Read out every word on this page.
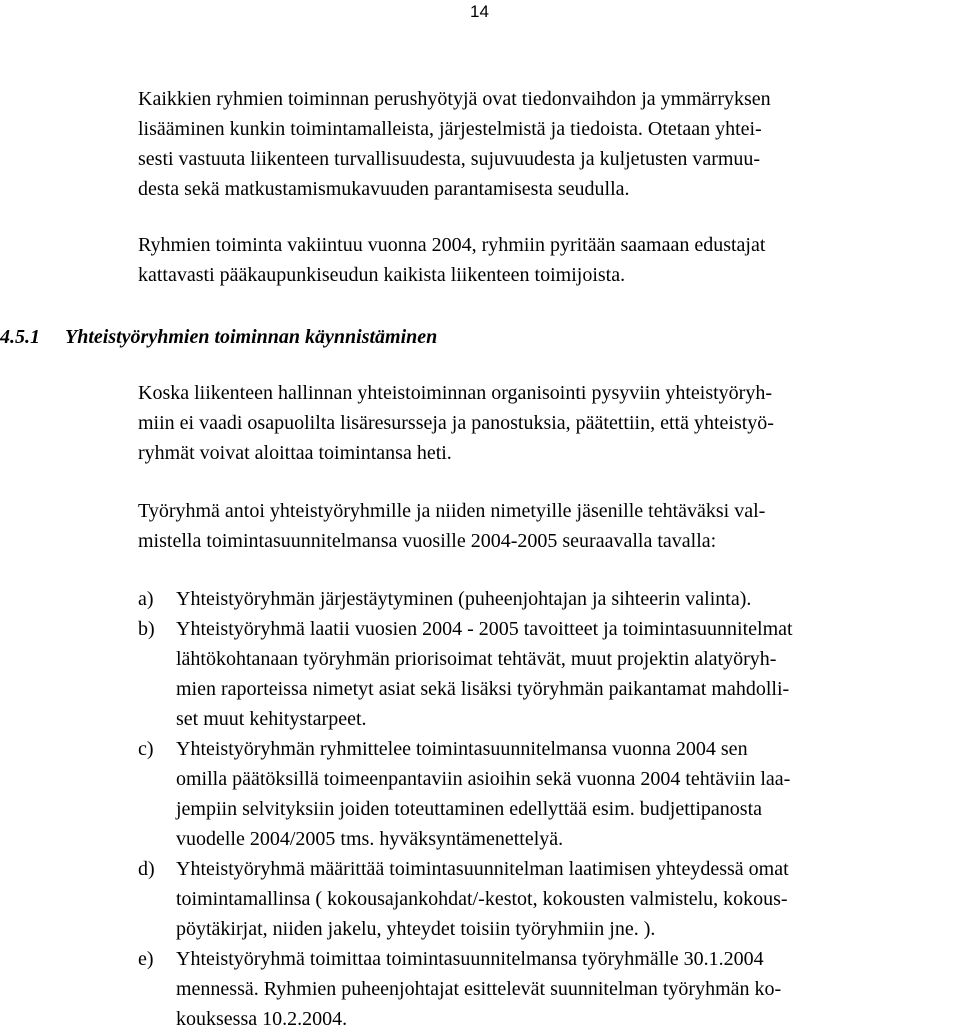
14

Kaikkien ryhmien toiminnan perushyötyjä ovat tiedonvaihdon ja ymmärryksen
lisääminen kunkin toimintamalleista, järjestelmistä ja tiedoista. Otetaan yhtei-
sesti vastuuta liikenteen turvallisuudesta, sujuvuudesta ja kuljetusten varmuu-
desta sekä matkustamismukavuuden parantamisesta seudulla.

Ryhmien toiminta vakiintuu vuonna 2004, ryhmiin pyritään saamaan edustajat
kattavasti pääkaupunkiseudun kaikista liikenteen toimijoista.

4.5.1 Yhteistyöryhmien toiminnan käynnistäminen

Koska liikenteen hallinnan yhteistoiminnan organisointi pysyviin yhteistyöryh-
miin ei vaadi osapuolilta lisäresursseja ja panostuksia, päätettiin, että yhteistyö-
ryhmät voivat aloittaa toimintansa heti.

Työryhmä antoi yhteistyöryhmille ja niiden nimetyille jäsenille tehtäväksi val-
mistella toimintasuunnitelmansa vuosille 2004-2005 seuraavalla tavalla:

a) Yhteistyöryhmän järjestäytyminen (puheenjohtajan ja sihteerin valinta).
b) Yhteistyöryhmä laatii vuosien 2004 - 2005 tavoitteet ja toimintasuunnitelmat
lähtökohtanaan työryhmän priorisoimat tehtävät, muut projektin alatyöryh-
mien raporteissa nimetyt asiat sekä lisäksi työryhmän paikantamat mahdolli-
set muut kehitystarpeet.
c) Yhteistyöryhmän ryhmittelee toimintasuunnitelmansa vuonna 2004 sen
omilla päätöksillä toimeenpantaviin asioihin sekä vuonna 2004 tehtäviin laa-
jempiin selvityksiin joiden toteuttaminen edellyttää esim. budjettipanosta
vuodelle 2004/2005 tms. hyväksyntämenettelyä.
d) Yhteistyöryhmä määrittää toimintasuunnitelman laatimisen yhteydessä omat
toimintamallinsa ( kokousajankohdat/-kestot, kokousten valmistelu, kokous-
pöytäkirjat, niiden jakelu, yhteydet toisiin työryhmiin jne. ).
e) Yhteistyöryhmä toimittaa toimintasuunnitelmansa työryhmälle 30.1.2004
mennessä. Ryhmien puheenjohtajat esittelevät suunnitelman työryhmän ko-
kouksessa 10.2.2004.
